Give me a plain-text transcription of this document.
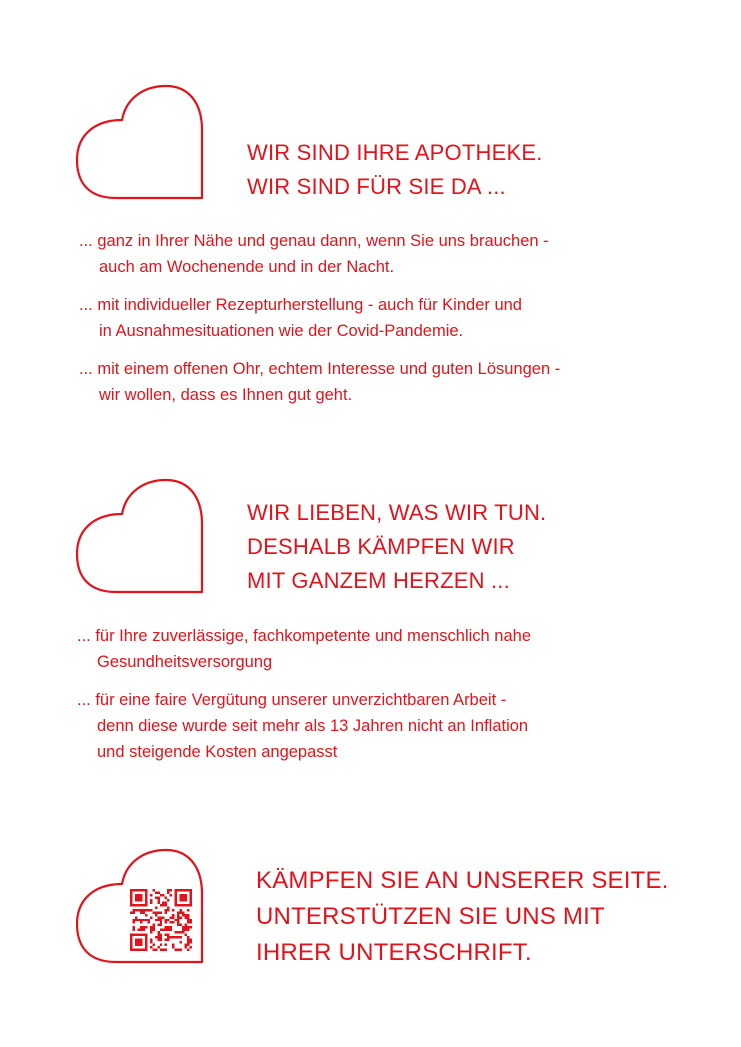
WIR SIND IHRE APOTHEKE.
WIR SIND FÜR SIE DA ...
... ganz in Ihrer Nähe und genau dann, wenn Sie uns brauchen -
auch am Wochenende und in der Nacht.
... mit individueller Rezepturherstellung - auch für Kinder und
in Ausnahmesituationen wie der Covid-Pandemie.
... mit einem offenen Ohr, echtem Interesse und guten Lösungen -
wir wollen, dass es Ihnen gut geht.
WIR LIEBEN, WAS WIR TUN.
DESHALB KÄMPFEN WIR
MIT GANZEM HERZEN ...
... für Ihre zuverlässige, fachkompetente und menschlich nahe
Gesundheitsversorgung
... für eine faire Vergütung unserer unverzichtbaren Arbeit -
denn diese wurde seit mehr als 13 Jahren nicht an Inflation
und steigende Kosten angepasst
KÄMPFEN SIE AN UNSERER SEITE.
UNTERSTÜTZEN SIE UNS MIT
IHRER UNTERSCHRIFT.
